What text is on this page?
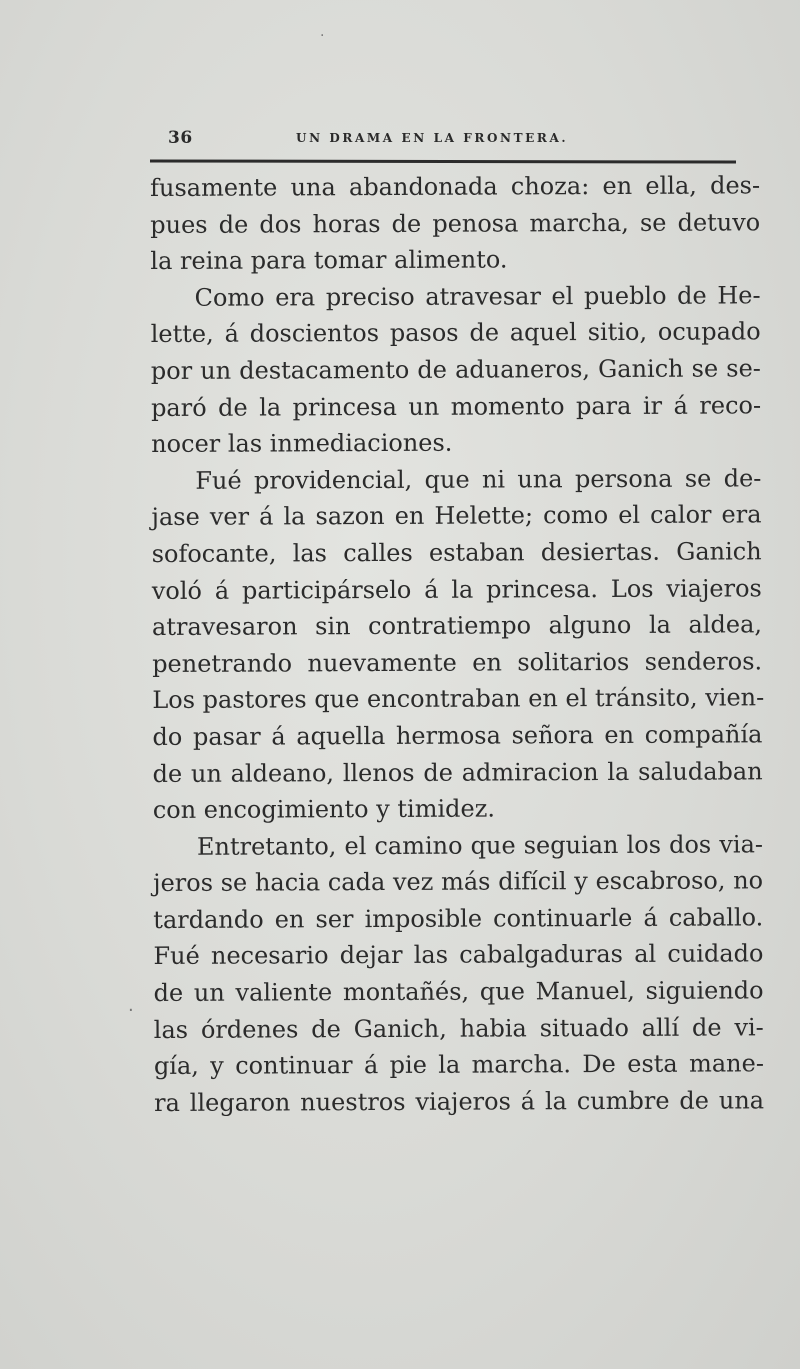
36	UN DRAMA EN LA FRONTERA.
fusamente una abandonada choza: en ella, des-
pues de dos horas de penosa marcha, se detuvo
la reina para tomar alimento.
Como era preciso atravesar el pueblo de He-
lette, á doscientos pasos de aquel sitio, ocupado
por un destacamento de aduaneros, Ganich se se-
paró de la princesa un momento para ir á reco-
nocer las inmediaciones.
Fué providencial, que ni una persona se de-
jase ver á la sazon en Helette; como el calor era
sofocante, las calles estaban desiertas. Ganich
voló á participárselo á la princesa. Los viajeros
atravesaron sin contratiempo alguno la aldea,
penetrando nuevamente en solitarios senderos.
Los pastores que encontraban en el tránsito, vien-
do pasar á aquella hermosa señora en compañía
de un aldeano, llenos de admiracion la saludaban
con encogimiento y timidez.
Entretanto, el camino que seguian los dos via-
jeros se hacia cada vez más difícil y escabroso, no
tardando en ser imposible continuarle á caballo.
Fué necesario dejar las cabalgaduras al cuidado
de un valiente montañés, que Manuel, siguiendo
las órdenes de Ganich, habia situado allí de vi-
gía, y continuar á pie la marcha. De esta mane-
ra llegaron nuestros viajeros á la cumbre de una
·
·
